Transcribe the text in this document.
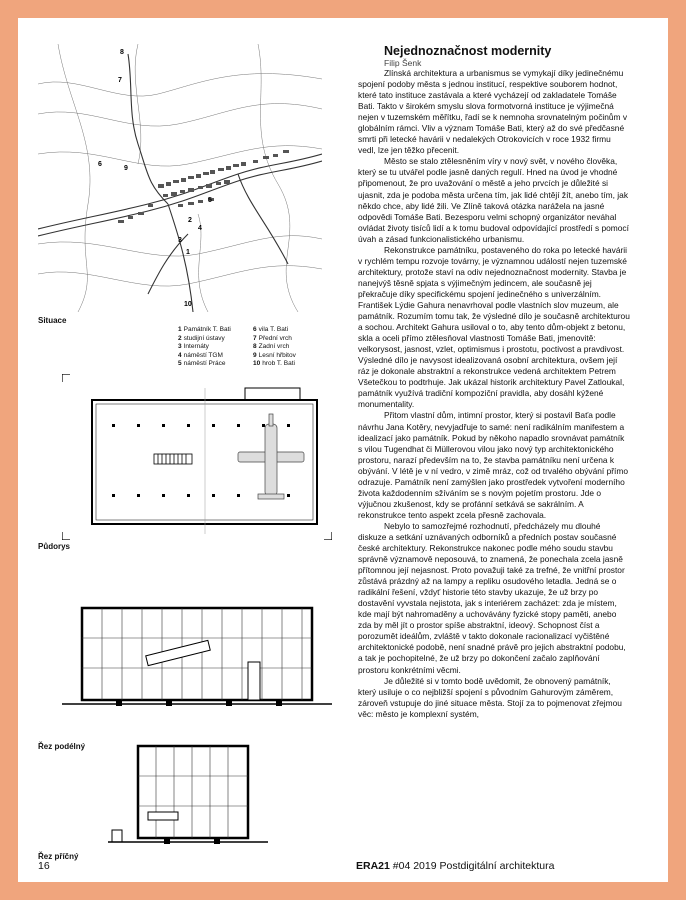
8
7
6
9
2
4
3
5
1
10
Situace
Půdorys
Řez podélný
Řez příčný
1 Památník T. Bati	6 vila T. Bati
2 studijní ústavy	7 Přední vrch
3 Internáty	8 Zadní vrch
4 náměstí TGM	9 Lesní hřbitov
5 náměstí Práce	10 hrob T. Bati
Nejednoznačnost modernity
Filip Šenk

Zlínská architektura a urbanismus se vymykají díky jedinečnému spojení podoby města s jednou institucí, respektive souborem hodnot, které tato instituce zastávala a které vycházejí od zakladatele Tomáše Bati. Takto v širokém smyslu slova formotvorná instituce je výjimečná nejen v tuzemském měřítku, řadí se k nemnoha srovnatelným počinům v globálním rámci. Vliv a význam Tomáše Bati, který až do své předčasné smrti při letecké havárii v nedalekých Otrokovicích v roce 1932 firmu vedl, lze jen těžko přecenit.

Město se stalo ztělesněním víry v nový svět, v nového člověka, který se tu utvářel podle jasně daných regulí. Hned na úvod je vhodné připomenout, že pro uvažování o městě a jeho prvcích je důležité si ujasnit, zda je podoba města určena tím, jak lidé chtějí žít, anebo tím, jak někdo chce, aby lidé žili. Ve Zlíně taková otázka narážela na jasné odpovědi Tomáše Bati. Bezesporu velmi schopný organizátor neváhal ovládat životy tisíců lidí a k tomu budoval odpovídající prostředí s pomocí úvah a zásad funkcionalistického urbanismu.

Rekonstrukce památníku, postaveného do roka po letecké havárii v rychlém tempu rozvoje továrny, je významnou událostí nejen tuzemské architektury, protože staví na odiv nejednoznačnost modernity. Stavba je nanejvýš těsně spjata s výjimečným jedincem, ale současně jej překračuje díky specifickému spojení jedinečného s univerzálním. František Lýdie Gahura nenavrhoval podle vlastních slov muzeum, ale památník. Rozumím tomu tak, že výsledné dílo je současně architekturou a sochou. Architekt Gahura usiloval o to, aby tento dům-objekt z betonu, skla a oceli přímo ztělesňoval vlastnosti Tomáše Bati, jmenovitě: velkorysost, jasnost, vzlet, optimismus i prostotu, poctivost a pravdivost. Výsledné dílo je navysost idealizovaná osobní architektura, ovšem její ráz je dokonale abstraktní a rekonstrukce vedená architektem Petrem Všetečkou to podtrhuje. Jak ukázal historik architektury Pavel Zatloukal, památník využívá tradiční kompoziční pravidla, aby dosáhl kýžené monumentality.

Přitom vlastní dům, intimní prostor, který si postavil Baťa podle návrhu Jana Kotěry, nevyjadřuje to samé: není radikálním manifestem a idealizací jako památník. Pokud by někoho napadlo srovnávat památník s vilou Tugendhat či Müllerovou vilou jako nový typ architektonického prostoru, narazí především na to, že stavba památníku není určena k obývání. V létě je v ní vedro, v zimě mráz, což od trvalého obývání přímo odrazuje. Památník není zamýšlen jako prostředek vytvoření moderního života každodenním sžíváním se s novým pojetím prostoru. Jde o výjučnou zkušenost, kdy se profánní setkává se sakrálním. A rekonstrukce tento aspekt zcela přesně zachovala.

Nebylo to samozřejmé rozhodnutí, předcházely mu dlouhé diskuze a setkání uznávaných odborníků a předních postav současné české architektury. Rekonstrukce nakonec podle mého soudu stavbu správně významově neposouvá, to znamená, že ponechala zcela jasně přítomnou její nejasnost. Proto považuji také za trefné, že vnitřní prostor zůstává prázdný až na lampy a repliku osudového letadla. Jedná se o radikální řešení, vždyť historie této stavby ukazuje, že už brzy po dostavění vyvstala nejistota, jak s interiérem zacházet: zda je místem, kde mají být nahromaděny a uchovávány fyzické stopy paměti, anebo zda by měl jít o prostor spíše abstraktní, ideový. Schopnost číst a porozumět ideálům, zvláště v takto dokonale racionalizací vyčištěné architektonické podobě, není snadné právě pro jejich abstraktní podobu, a tak je pochopitelné, že už brzy po dokončení začalo zaplňování prostoru konkrétními věcmi.

Je důležité si v tomto bodě uvědomit, že obnovený památník, který usiluje o co nejbližší spojení s původním Gahurovým záměrem, zároveň vstupuje do jiné situace města. Stojí za to pojmenovat zřejmou věc: město je komplexní systém,

16	ERA21 #04 2019 Postdigitální architektura
